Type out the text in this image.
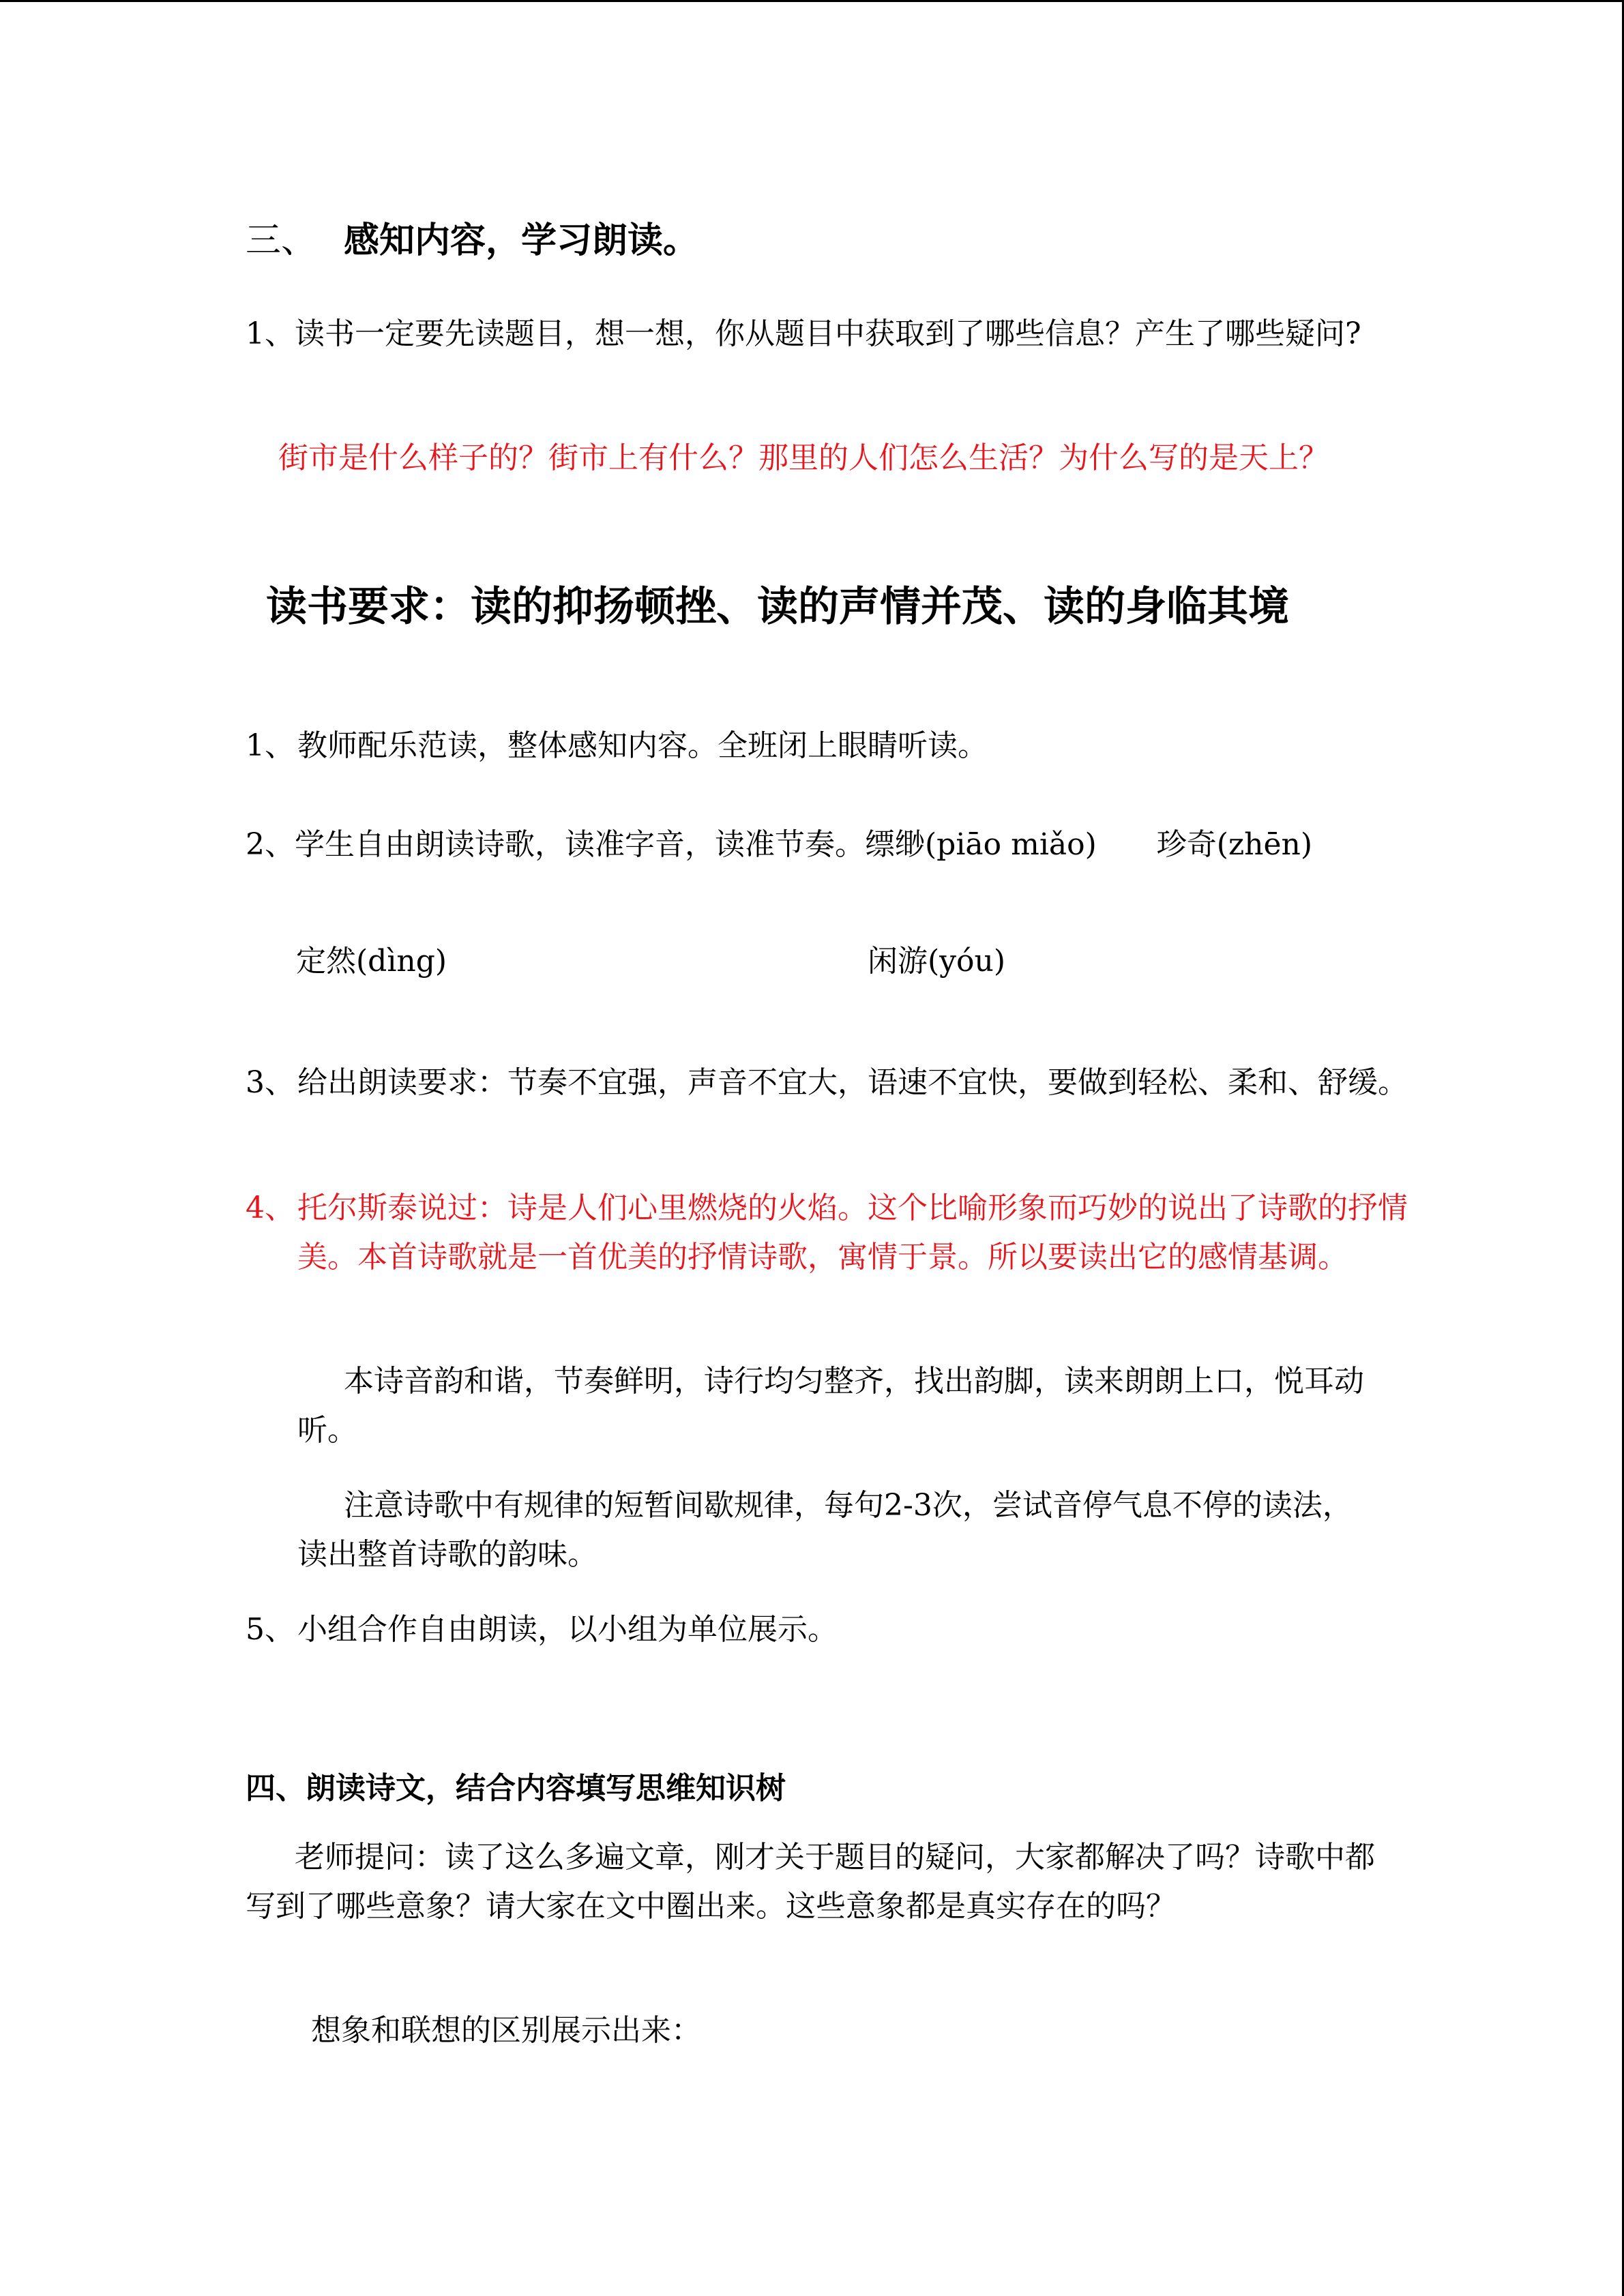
三、 感知内容，学习朗读。

1、读书一定要先读题目，想一想，你从题目中获取到了哪些信息？产生了哪些疑问?

街市是什么样子的？街市上有什么？那里的人们怎么生活？为什么写的是天上？

读书要求：读的抑扬顿挫、读的声情并茂、读的身临其境

1、教师配乐范读，整体感知内容。全班闭上眼睛听读。

2、学生自由朗读诗歌，读准字音，读准节奏。缥缈(piāo miǎo)　　珍奇(zhēn)

定然(dìng)	闲游(yóu)

3、给出朗读要求：节奏不宜强，声音不宜大，语速不宜快，要做到轻松、柔和、舒缓。

4、托尔斯泰说过：诗是人们心里燃烧的火焰。这个比喻形象而巧妙的说出了诗歌的抒情美。本首诗歌就是一首优美的抒情诗歌，寓情于景。所以要读出它的感情基调。

本诗音韵和谐，节奏鲜明，诗行均匀整齐，找出韵脚，读来朗朗上口，悦耳动听。

注意诗歌中有规律的短暂间歇规律，每句2-3次，尝试音停气息不停的读法，读出整首诗歌的韵味。

5、小组合作自由朗读，以小组为单位展示。

四、朗读诗文，结合内容填写思维知识树

老师提问：读了这么多遍文章，刚才关于题目的疑问，大家都解决了吗？诗歌中都写到了哪些意象？请大家在文中圈出来。这些意象都是真实存在的吗？

想象和联想的区别展示出来：
